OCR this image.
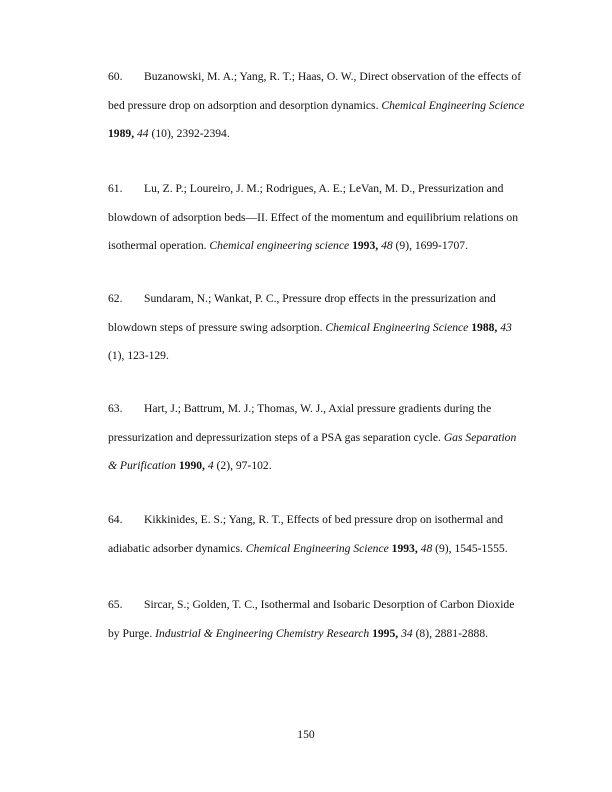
60. Buzanowski, M. A.; Yang, R. T.; Haas, O. W., Direct observation of the effects of
bed pressure drop on adsorption and desorption dynamics. Chemical Engineering Science
1989, 44 (10), 2392-2394.
61. Lu, Z. P.; Loureiro, J. M.; Rodrigues, A. E.; LeVan, M. D., Pressurization and
blowdown of adsorption beds—II. Effect of the momentum and equilibrium relations on
isothermal operation. Chemical engineering science 1993, 48 (9), 1699-1707.
62. Sundaram, N.; Wankat, P. C., Pressure drop effects in the pressurization and
blowdown steps of pressure swing adsorption. Chemical Engineering Science 1988, 43
(1), 123-129.
63. Hart, J.; Battrum, M. J.; Thomas, W. J., Axial pressure gradients during the
pressurization and depressurization steps of a PSA gas separation cycle. Gas Separation
& Purification 1990, 4 (2), 97-102.
64. Kikkinides, E. S.; Yang, R. T., Effects of bed pressure drop on isothermal and
adiabatic adsorber dynamics. Chemical Engineering Science 1993, 48 (9), 1545-1555.
65. Sircar, S.; Golden, T. C., Isothermal and Isobaric Desorption of Carbon Dioxide
by Purge. Industrial & Engineering Chemistry Research 1995, 34 (8), 2881-2888.
150
